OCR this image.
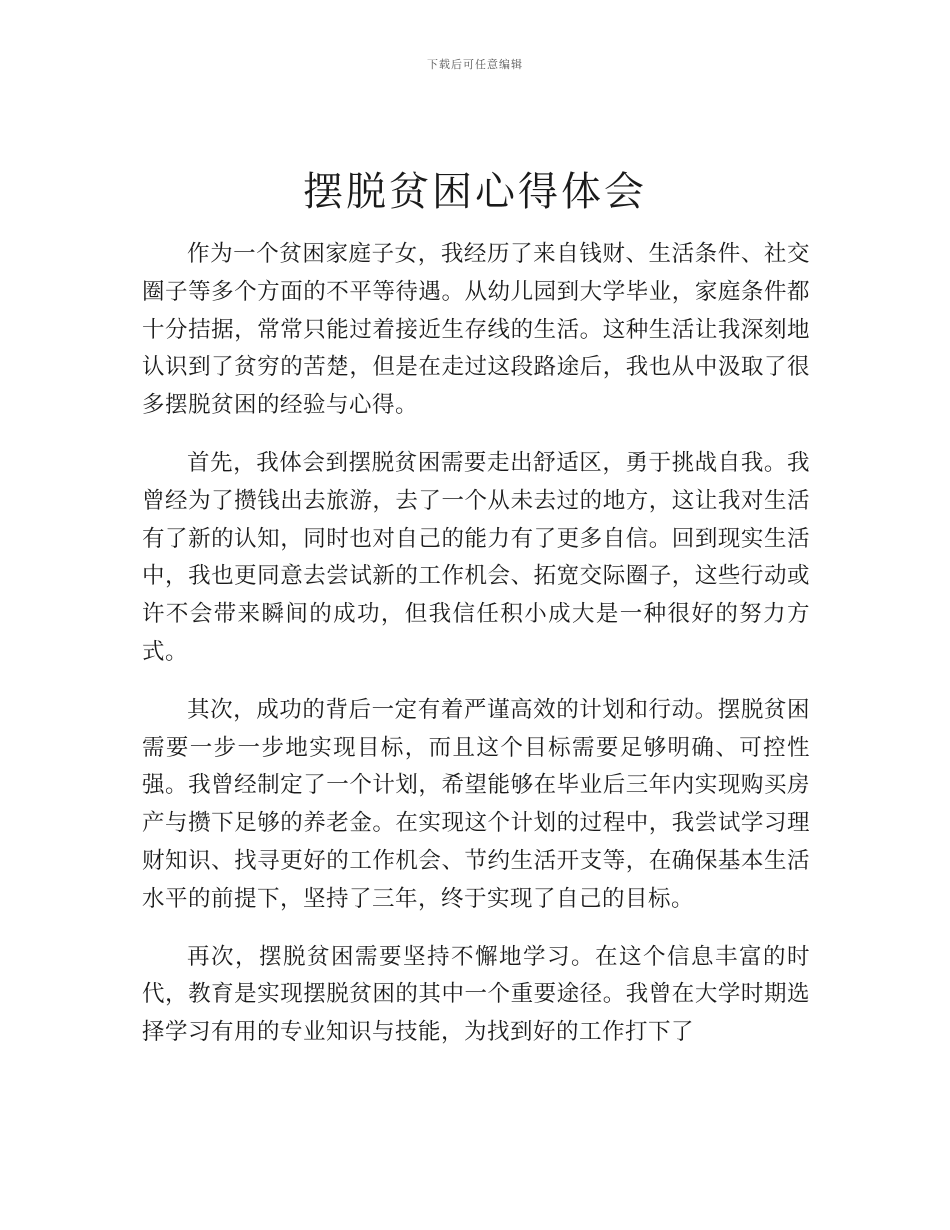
下载后可任意编辑
摆脱贫困心得体会

作为一个贫困家庭子女，我经历了来自钱财、生活条件、社交圈子等多个方面的不平等待遇。从幼儿园到大学毕业，家庭条件都十分拮据，常常只能过着接近生存线的生活。这种生活让我深刻地认识到了贫穷的苦楚，但是在走过这段路途后，我也从中汲取了很多摆脱贫困的经验与心得。

首先，我体会到摆脱贫困需要走出舒适区，勇于挑战自我。我曾经为了攒钱出去旅游，去了一个从未去过的地方，这让我对生活有了新的认知，同时也对自己的能力有了更多自信。回到现实生活中，我也更同意去尝试新的工作机会、拓宽交际圈子，这些行动或许不会带来瞬间的成功，但我信任积小成大是一种很好的努力方式。

其次，成功的背后一定有着严谨高效的计划和行动。摆脱贫困需要一步一步地实现目标，而且这个目标需要足够明确、可控性强。我曾经制定了一个计划，希望能够在毕业后三年内实现购买房产与攒下足够的养老金。在实现这个计划的过程中，我尝试学习理财知识、找寻更好的工作机会、节约生活开支等，在确保基本生活水平的前提下，坚持了三年，终于实现了自己的目标。

再次，摆脱贫困需要坚持不懈地学习。在这个信息丰富的时代，教育是实现摆脱贫困的其中一个重要途径。我曾在大学时期选择学习有用的专业知识与技能，为找到好的工作打下了
